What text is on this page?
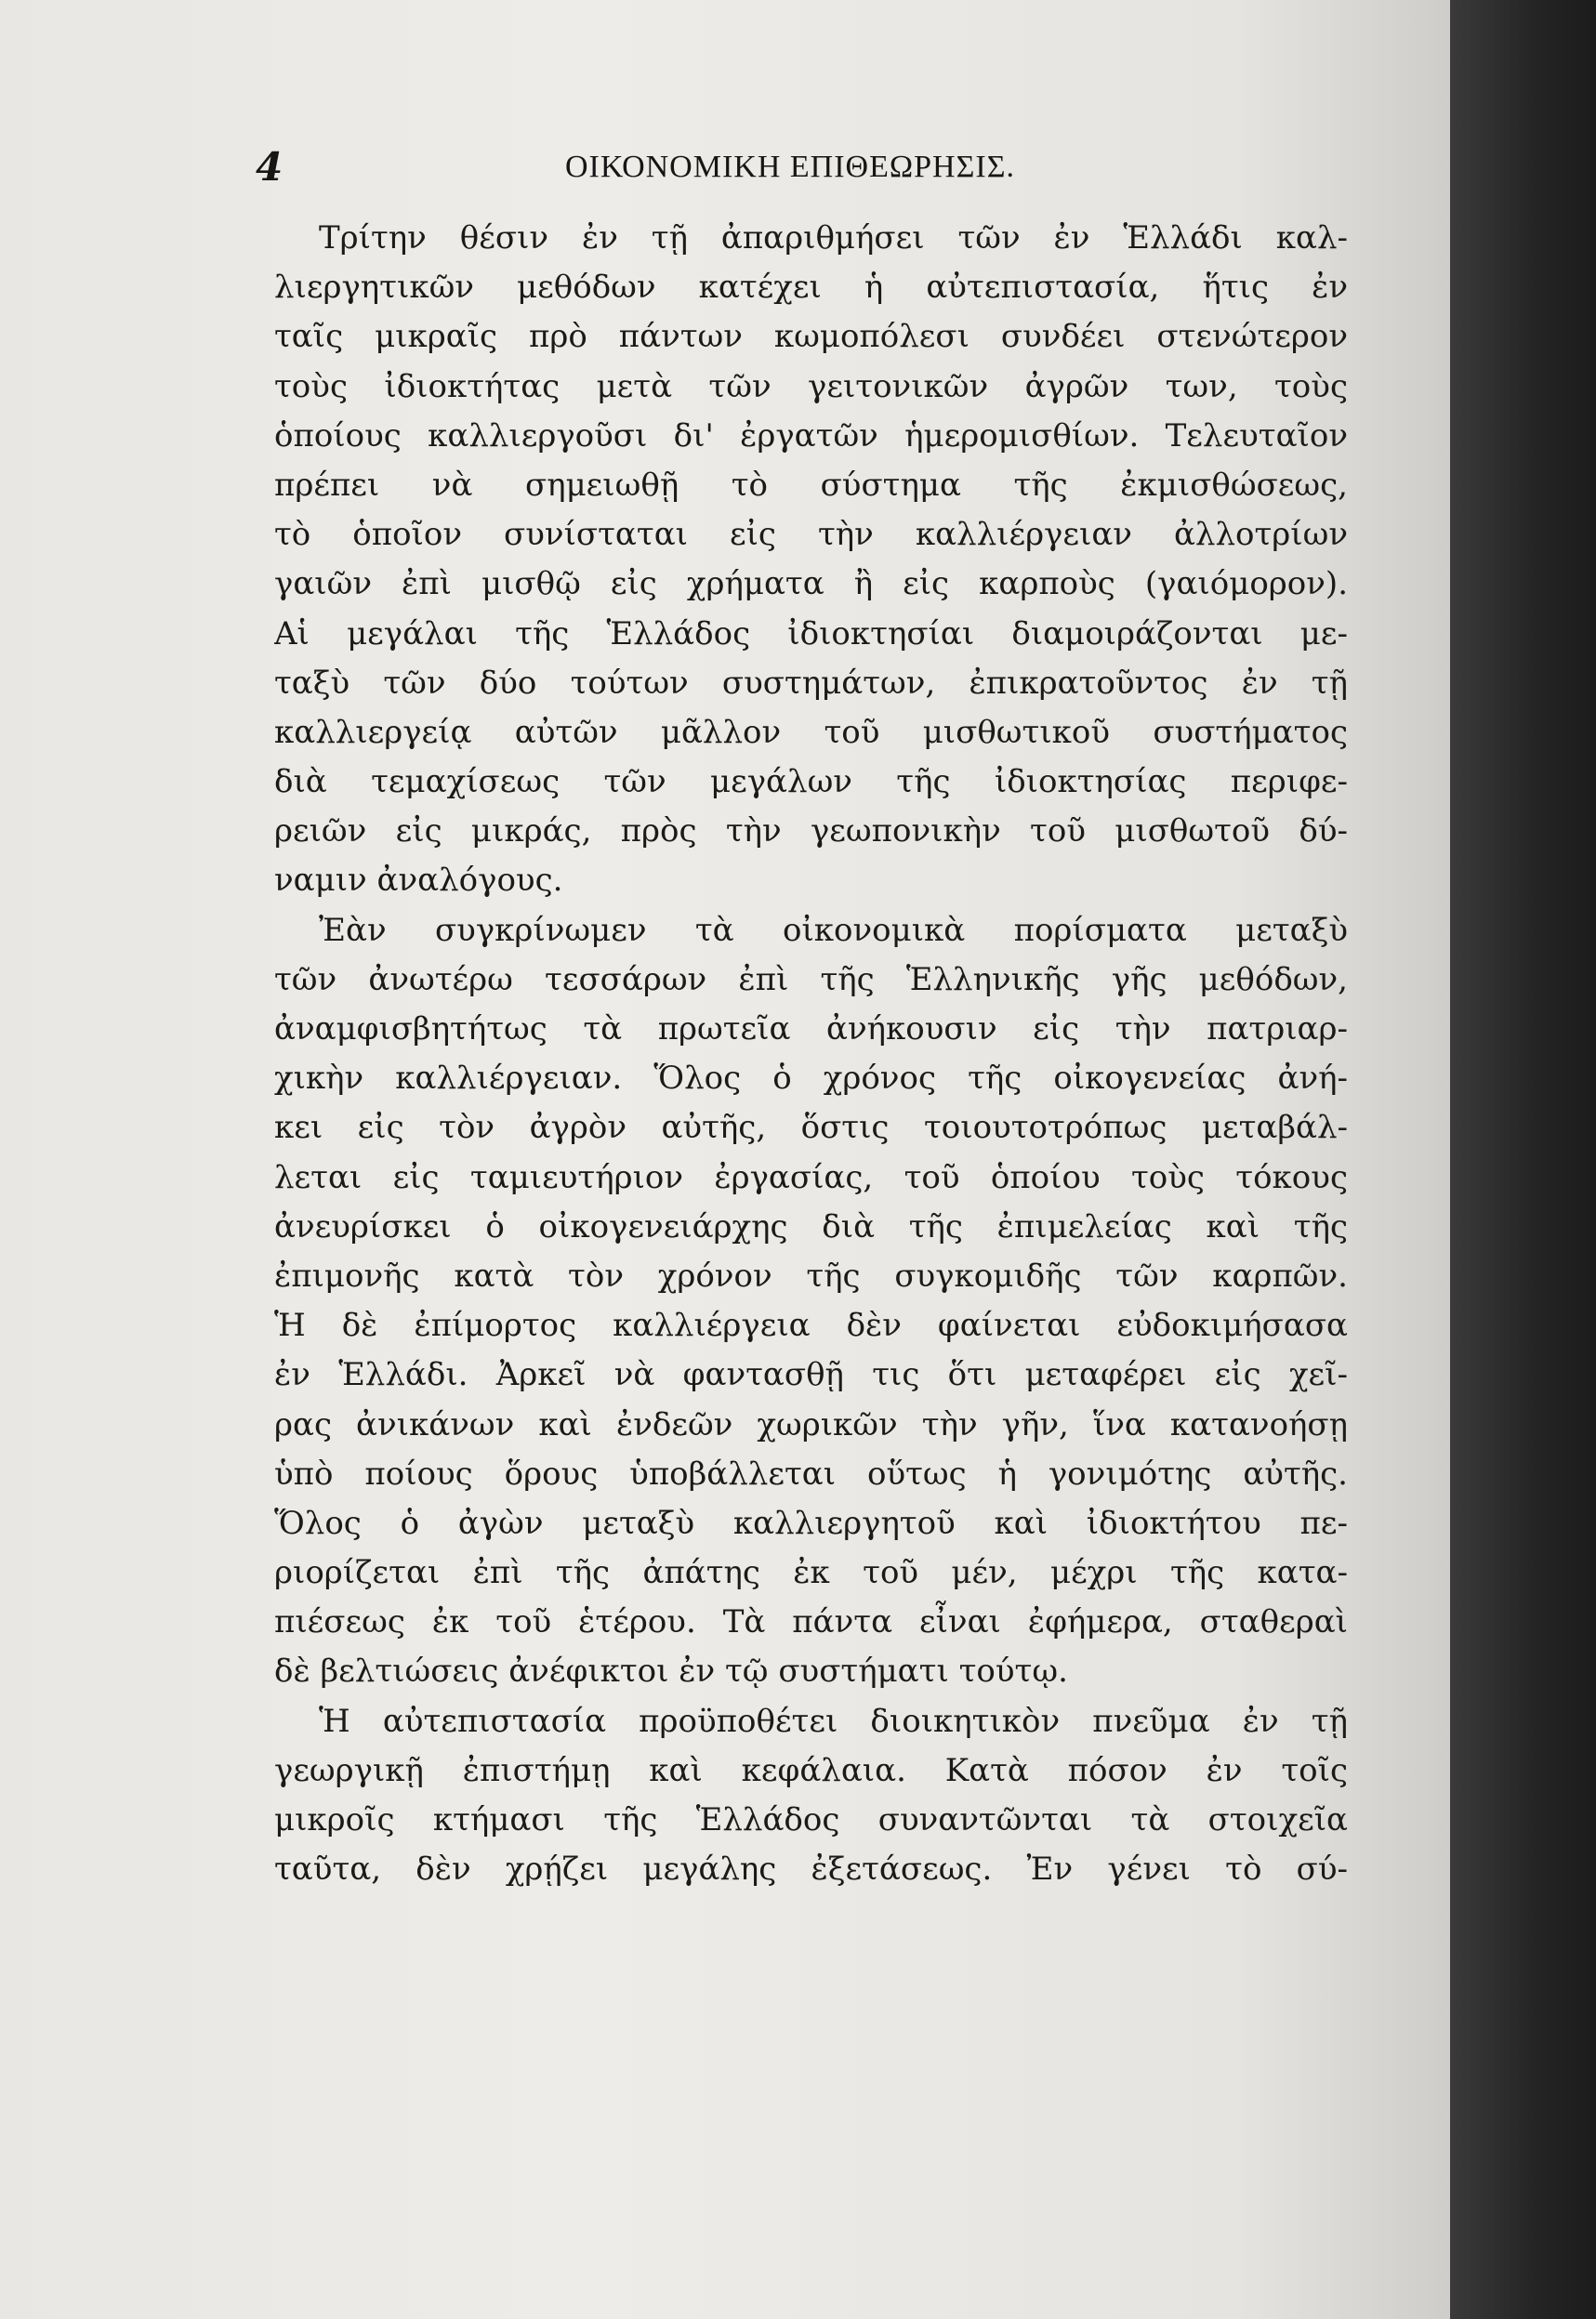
4	ΟΙΚΟΝΟΜΙΚΗ ΕΠΙΘΕΩΡΗΣΙΣ.
Τρίτην θέσιν ἐν τῇ ἀπαριθμήσει τῶν ἐν Ἑλλάδι καλ-
λιεργητικῶν μεθόδων κατέχει ἡ αὐτεπιστασία, ἥτις ἐν
ταῖς μικραῖς πρὸ πάντων κωμοπόλεσι συνδέει στενώτερον
τοὺς ἰδιοκτήτας μετὰ τῶν γειτονικῶν ἀγρῶν των, τοὺς
ὁποίους καλλιεργοῦσι δι' ἐργατῶν ἡμερομισθίων. Τελευταῖον
πρέπει νὰ σημειωθῇ τὸ σύστημα τῆς ἐκμισθώσεως,
τὸ ὁποῖον συνίσταται εἰς τὴν καλλιέργειαν ἀλλοτρίων
γαιῶν ἐπὶ μισθῷ εἰς χρήματα ἢ εἰς καρποὺς (γαιόμορον).
Αἱ μεγάλαι τῆς Ἑλλάδος ἰδιοκτησίαι διαμοιράζονται με-
ταξὺ τῶν δύο τούτων συστημάτων, ἐπικρατοῦντος ἐν τῇ
καλλιεργείᾳ αὐτῶν μᾶλλον τοῦ μισθωτικοῦ συστήματος
διὰ τεμαχίσεως τῶν μεγάλων τῆς ἰδιοκτησίας περιφε-
ρειῶν εἰς μικράς, πρὸς τὴν γεωπονικὴν τοῦ μισθωτοῦ δύ-
ναμιν ἀναλόγους.
Ἐὰν συγκρίνωμεν τὰ οἰκονομικὰ πορίσματα μεταξὺ
τῶν ἀνωτέρω τεσσάρων ἐπὶ τῆς Ἑλληνικῆς γῆς μεθόδων,
ἀναμφισβητήτως τὰ πρωτεῖα ἀνήκουσιν εἰς τὴν πατριαρ-
χικὴν καλλιέργειαν. Ὅλος ὁ χρόνος τῆς οἰκογενείας ἀνή-
κει εἰς τὸν ἀγρὸν αὐτῆς, ὅστις τοιουτοτρόπως μεταβάλ-
λεται εἰς ταμιευτήριον ἐργασίας, τοῦ ὁποίου τοὺς τόκους
ἀνευρίσκει ὁ οἰκογενειάρχης διὰ τῆς ἐπιμελείας καὶ τῆς
ἐπιμονῆς κατὰ τὸν χρόνον τῆς συγκομιδῆς τῶν καρπῶν.
Ἡ δὲ ἐπίμορτος καλλιέργεια δὲν φαίνεται εὐδοκιμήσασα
ἐν Ἑλλάδι. Ἀρκεῖ νὰ φαντασθῇ τις ὅτι μεταφέρει εἰς χεῖ-
ρας ἀνικάνων καὶ ἐνδεῶν χωρικῶν τὴν γῆν, ἵνα κατανοήσῃ
ὑπὸ ποίους ὅρους ὑποβάλλεται οὕτως ἡ γονιμότης αὐτῆς.
Ὅλος ὁ ἀγὼν μεταξὺ καλλιεργητοῦ καὶ ἰδιοκτήτου πε-
ριορίζεται ἐπὶ τῆς ἀπάτης ἐκ τοῦ μέν, μέχρι τῆς κατα-
πιέσεως ἐκ τοῦ ἑτέρου. Τὰ πάντα εἶναι ἐφήμερα, σταθεραὶ
δὲ βελτιώσεις ἀνέφικτοι ἐν τῷ συστήματι τούτῳ.
Ἡ αὐτεπιστασία προϋποθέτει διοικητικὸν πνεῦμα ἐν τῇ
γεωργικῇ ἐπιστήμῃ καὶ κεφάλαια. Κατὰ πόσον ἐν τοῖς
μικροῖς κτήμασι τῆς Ἑλλάδος συναντῶνται τὰ στοιχεῖα
ταῦτα, δὲν χρῄζει μεγάλης ἐξετάσεως. Ἐν γένει τὸ σύ-
